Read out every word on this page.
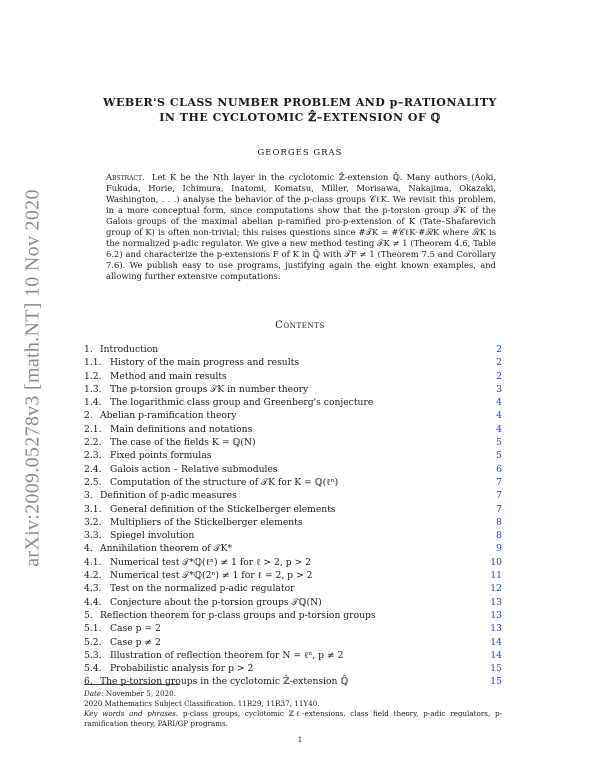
arXiv:2009.05278v3 [math.NT] 10 Nov 2020
WEBER'S CLASS NUMBER PROBLEM AND p–RATIONALITY
IN THE CYCLOTOMIC ℤ̂–EXTENSION OF ℚ
GEORGES GRAS
Abstract. Let K be the Nth layer in the cyclotomic ℤ̂-extension ℚ̂. Many authors (Aoki, Fukuda, Horie, Ichimura, Inatomi, Komatsu, Miller, Morisawa, Nakajima, Okazaki, Washington, . . .) analyse the behavior of the p-class groups 𝒞ℓK. We revisit this problem, in a more conceptual form, since computations show that the p-torsion group 𝒯K of the Galois groups of the maximal abelian p-ramified pro-p-extension of K (Tate–Shafarevich group of K) is often non-trivial; this raises questions since #𝒯K = #𝒞ℓK·#ℛK where ℛK is the normalized p-adic regulator. We give a new method testing 𝒯K ≠ 1 (Theorem 4.6, Table 6.2) and characterize the p-extensions F of K in ℚ̂ with 𝒯F ≠ 1 (Theorem 7.5 and Corollary 7.6). We publish easy to use programs, justifying again the eight known examples, and allowing further extensive computations.
Contents
1. Introduction	2
1.1. History of the main progress and results	2
1.2. Method and main results	2
1.3. The p-torsion groups 𝒯K in number theory	3
1.4. The logarithmic class group and Greenberg's conjecture	4
2. Abelian p-ramification theory	4
2.1. Main definitions and notations	4
2.2. The case of the fields K = ℚ(N)	5
2.3. Fixed points formulas	5
2.4. Galois action – Relative submodules	6
2.5. Computation of the structure of 𝒯K for K = ℚ(ℓⁿ)	7
3. Definition of p-adic measures	7
3.1. General definition of the Stickelberger elements	7
3.2. Multipliers of the Stickelberger elements	8
3.3. Spiegel involution	8
4. Annihilation theorem of 𝒯K*	9
4.1. Numerical test 𝒯*ℚ(ℓⁿ) ≠ 1 for ℓ > 2, p > 2	10
4.2. Numerical test 𝒯*ℚ(2ⁿ) ≠ 1 for ℓ = 2, p > 2	11
4.3. Test on the normalized p-adic regulator	12
4.4. Conjecture about the p-torsion groups 𝒯ℚ(N)	13
5. Reflection theorem for p-class groups and p-torsion groups	13
5.1. Case p = 2	13
5.2. Case p ≠ 2	14
5.3. Illustration of reflection theorem for N = ℓⁿ, p ≠ 2	14
5.4. Probabilistic analysis for p > 2	15
6. The p-torsion groups in the cyclotomic ℤ̂-extension ℚ̂	15
Date: November 5, 2020.
2020 Mathematics Subject Classification. 11R29, 11R37, 11Y40.
Key words and phrases. p-class groups, cyclotomic ℤℓ-extensions, class field theory, p-adic regulators, p-ramification theory, PARI/GP programs.
1
